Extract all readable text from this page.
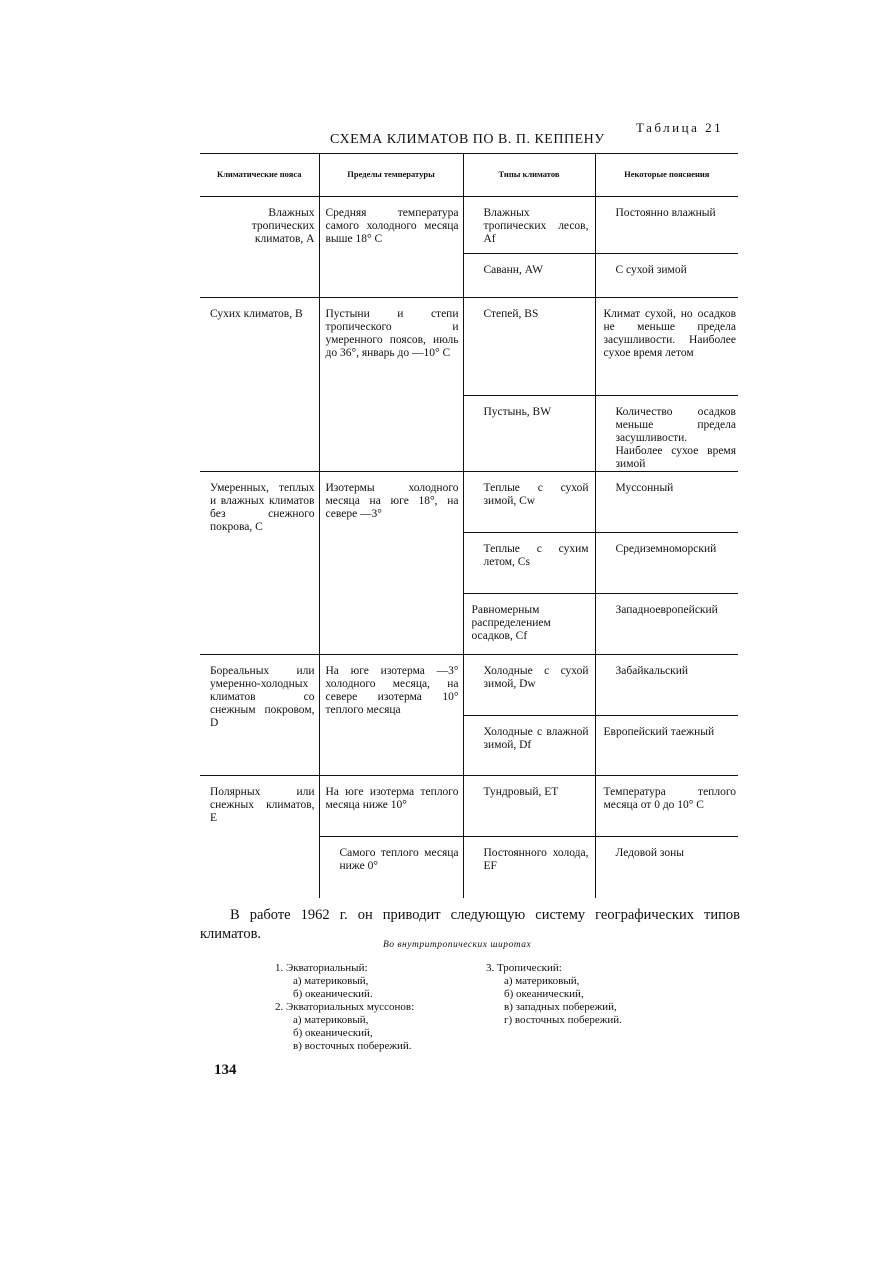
Таблица 21
СХЕМА КЛИМАТОВ ПО В. П. КЕППЕНУ
Климатические пояса	Пределы температуры	Типы климатов	Некоторые пояснения
Влажных тропических климатов, A	Средняя температура самого холодного месяца выше 18° С	Влажных тропических лесов, Af	Постоянно влажный
		Саванн, AW	С сухой зимой
Сухих климатов, B	Пустыни и степи тропического и умеренного поясов, июль до 36°, январь до —10° С	Степей, BS	Климат сухой, но осадков не меньше предела засушливости. Наиболее сухое время летом
		Пустынь, BW	Количество осадков меньше предела засушливости. Наиболее сухое время зимой
Умеренных, теплых и влажных климатов без снежного покрова, C	Изотермы холодного месяца на юге 18°, на севере —3°	Теплые с сухой зимой, Cw	Муссонный
		Теплые с сухим летом, Cs	Средиземноморский
		Равномерным распределением осадков, Cf	Западноевропейский
Бореальных или умеренно-холодных климатов со снежным покровом, D	На юге изотерма —3° холодного месяца, на севере изотерма 10° теплого месяца	Холодные с сухой зимой, Dw	Забайкальский
		Холодные с влажной зимой, Df	Европейский таежный
Полярных или снежных климатов, E	На юге изотерма теплого месяца ниже 10°	Тундровый, ET	Температура теплого месяца от 0 до 10° С
	Самого теплого месяца ниже 0°	Постоянного холода, EF	Ледовой зоны
В работе 1962 г. он приводит следующую систему географических типов климатов.
Во внутритропических широтах
1. Экваториальный:
а) материковый,
б) океанический.
2. Экваториальных муссонов:
а) материковый,
б) океанический,
в) восточных побережий.
3. Тропический:
а) материковый,
б) океанический,
в) западных побережий,
г) восточных побережий.
134
